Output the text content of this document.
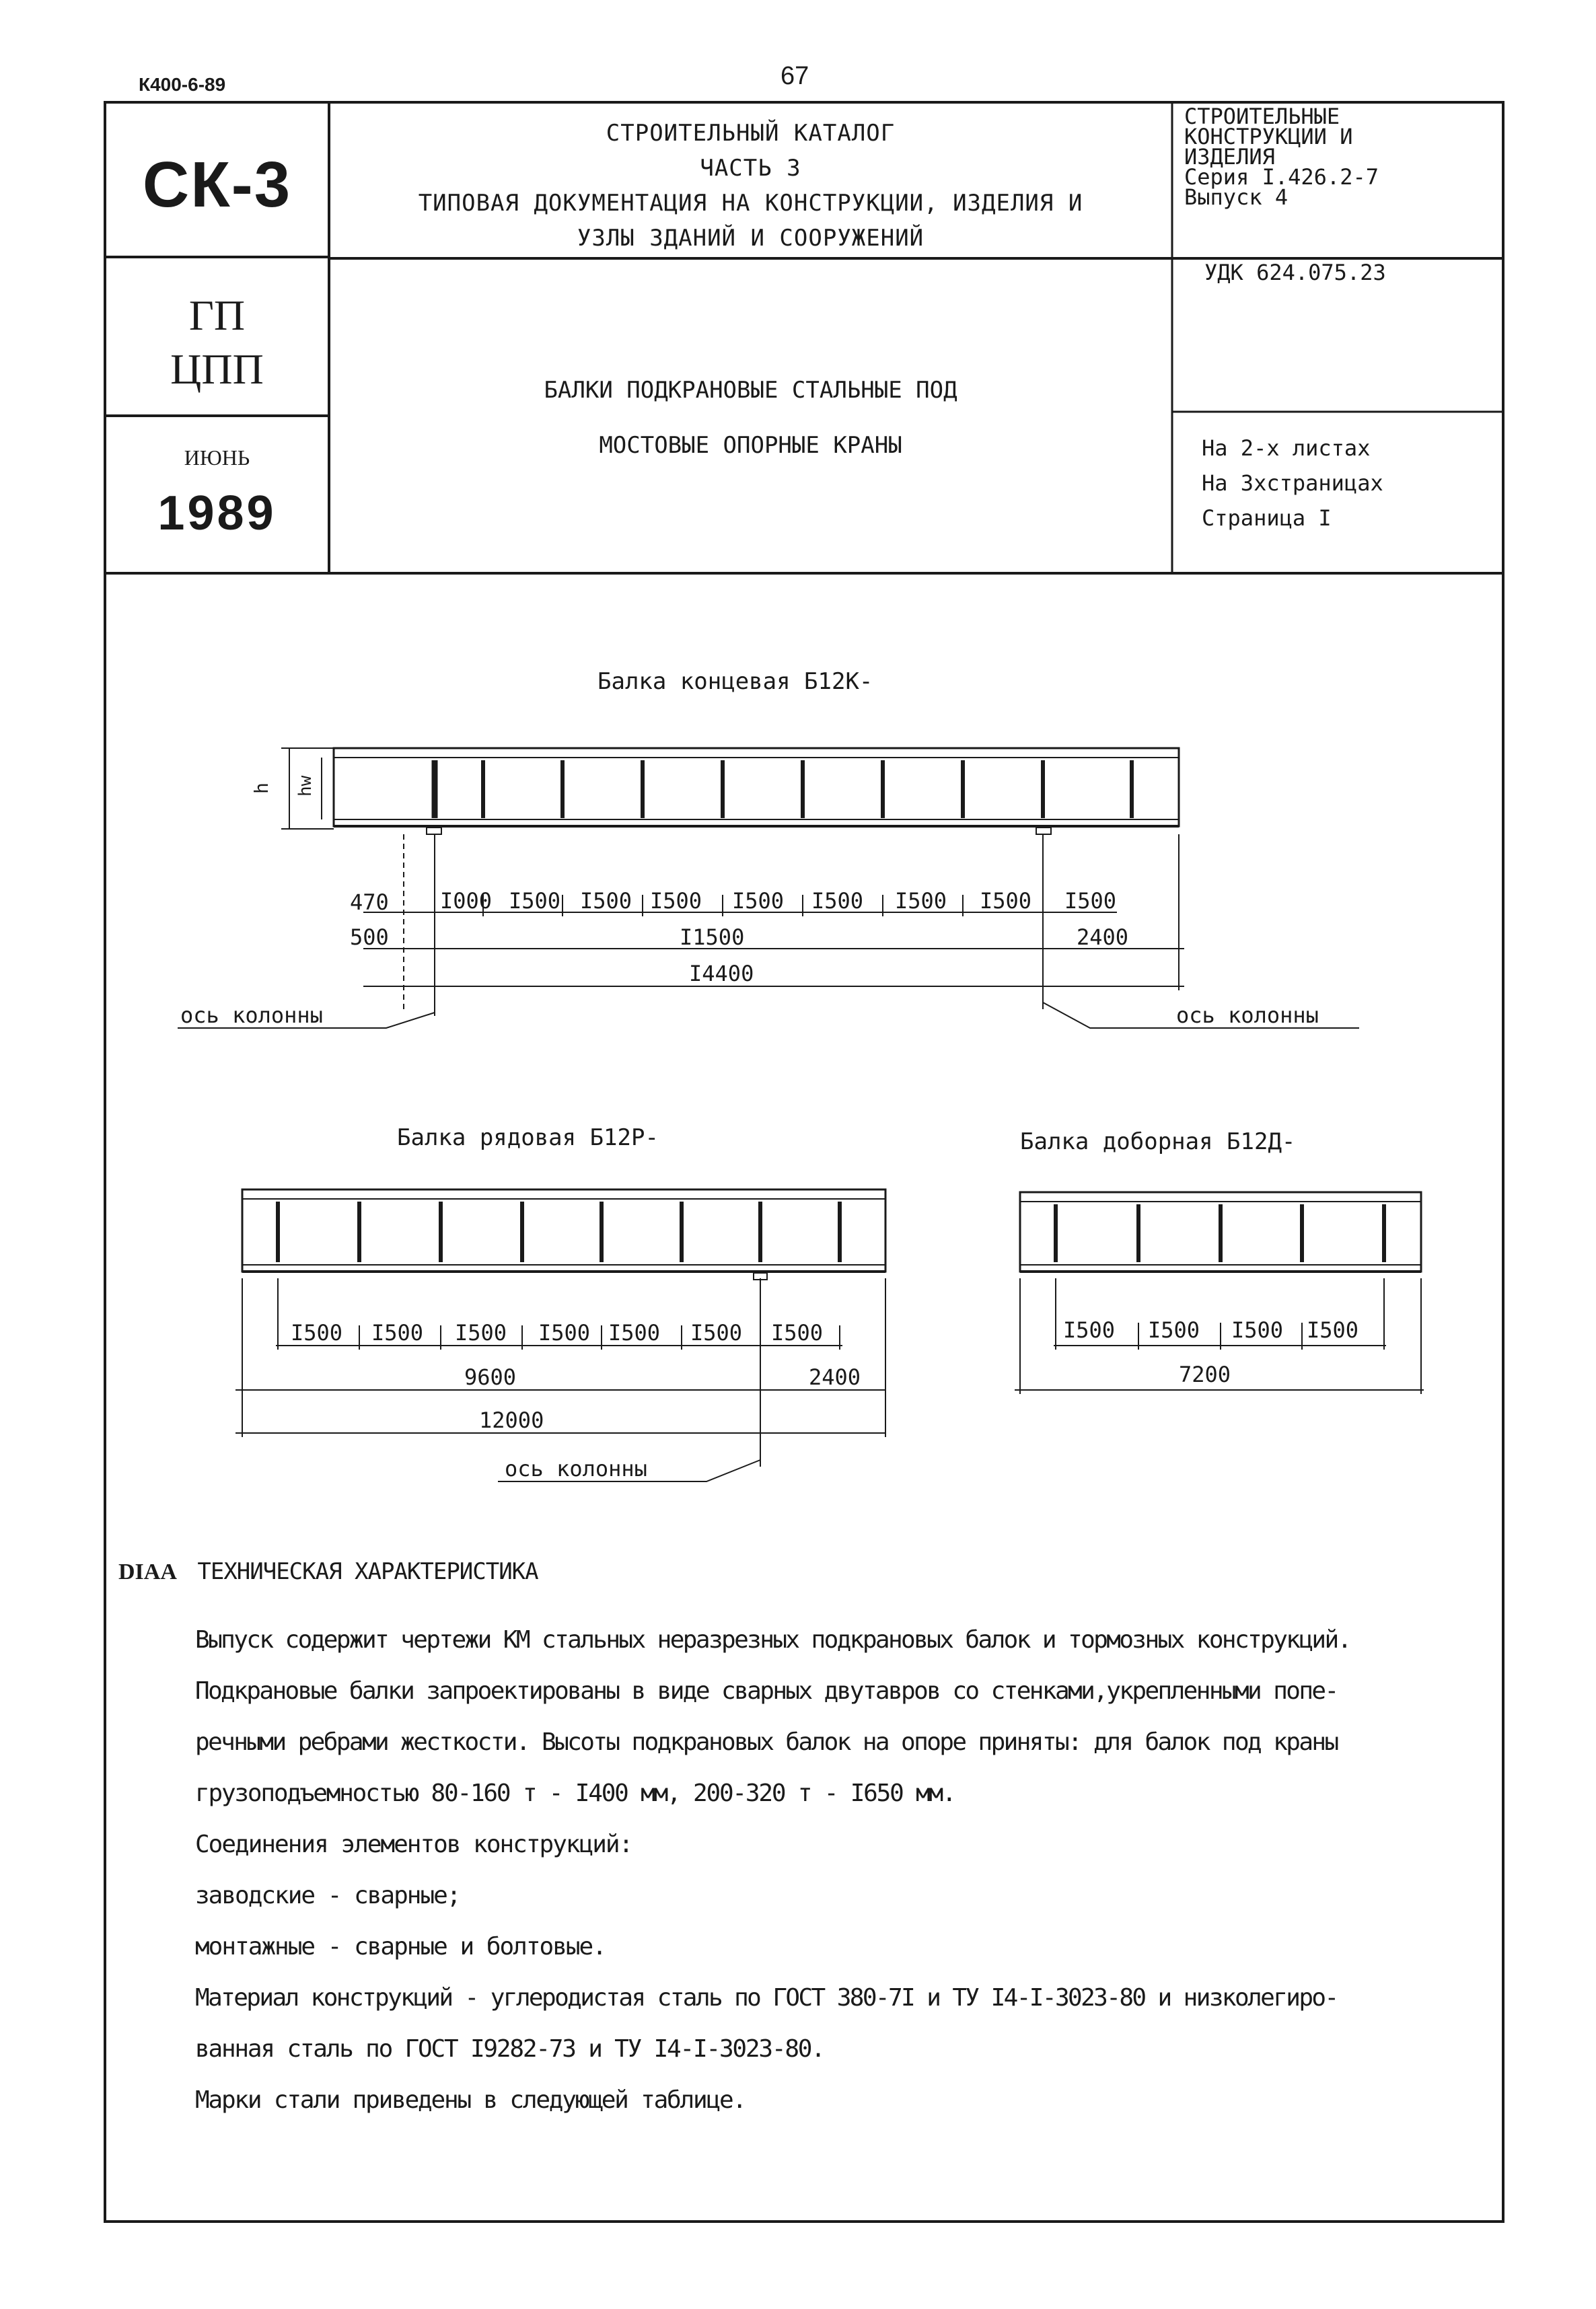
К400-6-89	67
СК-3
ГП
ЦПП
ИЮНЬ
1989
СТРОИТЕЛЬНЫЙ КАТАЛОГ
ЧАСТЬ 3
ТИПОВАЯ ДОКУМЕНТАЦИЯ НА КОНСТРУКЦИИ, ИЗДЕЛИЯ И
УЗЛЫ ЗДАНИЙ И СООРУЖЕНИЙ
СТРОИТЕЛЬНЫЕ
КОНСТРУКЦИИ И
ИЗДЕЛИЯ
Серия I.426.2-7
Выпуск 4
УДК 624.075.23
БАЛКИ ПОДКРАНОВЫЕ СТАЛЬНЫЕ ПОД
МОСТОВЫЕ ОПОРНЫЕ КРАНЫ	На 2-х листах
На 3хстраницах
Страница I
Балка концевая Б12К-
h hw
I000 I500 I500 I500 I500 I500 I500 I500 I500
470
500	I1500	2400
I4400
ось колонны	ось колонны
Балка рядовая Б12Р-
I500 I500 I500 I500 I500 I500 I500
9600	2400
12000
ось колонны
Балка доборная Б12Д-
I500 I500 I500 I500
7200
DIAA ТЕХНИЧЕСКАЯ ХАРАКТЕРИСТИКА

Выпуск содержит чертежи КМ стальных неразрезных подкрановых балок и тормозных конструкций.

Подкрановые балки запроектированы в виде сварных двутавров со стенками,укрепленными попе-

речными ребрами жесткости. Высоты подкрановых балок на опоре приняты: для балок под краны

грузоподъемностью 80-160 т - I400 мм, 200-320 т - I650 мм.

Соединения элементов конструкций:

заводские - сварные;

монтажные - сварные и болтовые.

Материал конструкций - углеродистая сталь по ГОСТ 380-7I и ТУ I4-I-3023-80 и низколегиро-

ванная сталь по ГОСТ I9282-73 и ТУ I4-I-3023-80.

Марки стали приведены в следующей таблице.
